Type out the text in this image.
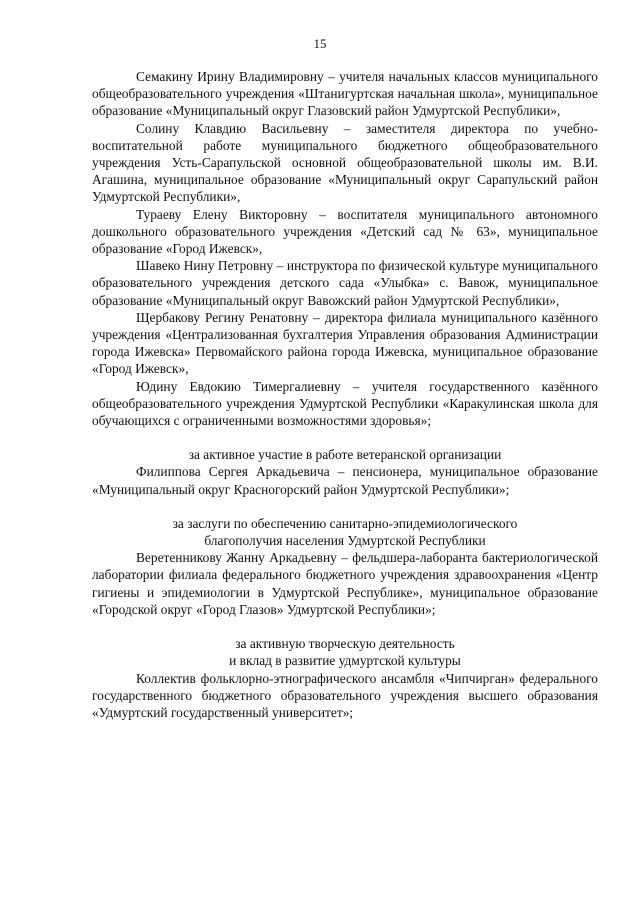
15

Семакину Ирину Владимировну – учителя начальных классов муниципального общеобразовательного учреждения «Штанигуртская начальная школа», муниципальное образование «Муниципальный округ Глазовский район Удмуртской Республики»,

Солину Клавдию Васильевну – заместителя директора по учебно-воспитательной работе муниципального бюджетного общеобразовательного учреждения Усть-Сарапульской основной общеобразовательной школы им. В.И. Агашина, муниципальное образование «Муниципальный округ Сарапульский район Удмуртской Республики»,

Тураеву Елену Викторовну – воспитателя муниципального автономного дошкольного образовательного учреждения «Детский сад № 63», муниципальное образование «Город Ижевск»,

Шавеко Нину Петровну – инструктора по физической культуре муниципального образовательного учреждения детского сада «Улыбка» с. Вавож, муниципальное образование «Муниципальный округ Вавожский район Удмуртской Республики»,

Щербакову Регину Ренатовну – директора филиала муниципального казённого учреждения «Централизованная бухгалтерия Управления образования Администрации города Ижевска» Первомайского района города Ижевска, муниципальное образование «Город Ижевск»,

Юдину Евдокию Тимергалиевну – учителя государственного казённого общеобразовательного учреждения Удмуртской Республики «Каракулинская школа для обучающихся с ограниченными возможностями здоровья»;

за активное участие в работе ветеранской организации

Филиппова Сергея Аркадьевича – пенсионера, муниципальное образование «Муниципальный округ Красногорский район Удмуртской Республики»;

за заслуги по обеспечению санитарно-эпидемиологического

благополучия населения Удмуртской Республики

Веретенникову Жанну Аркадьевну – фельдшера-лаборанта бактериологической лаборатории филиала федерального бюджетного учреждения здравоохранения «Центр гигиены и эпидемиологии в Удмуртской Республике», муниципальное образование «Городской округ «Город Глазов» Удмуртской Республики»;

за активную творческую деятельность

и вклад в развитие удмуртской культуры

Коллектив фольклорно-этнографического ансамбля «Чипчирган» федерального государственного бюджетного образовательного учреждения высшего образования «Удмуртский государственный университет»;
